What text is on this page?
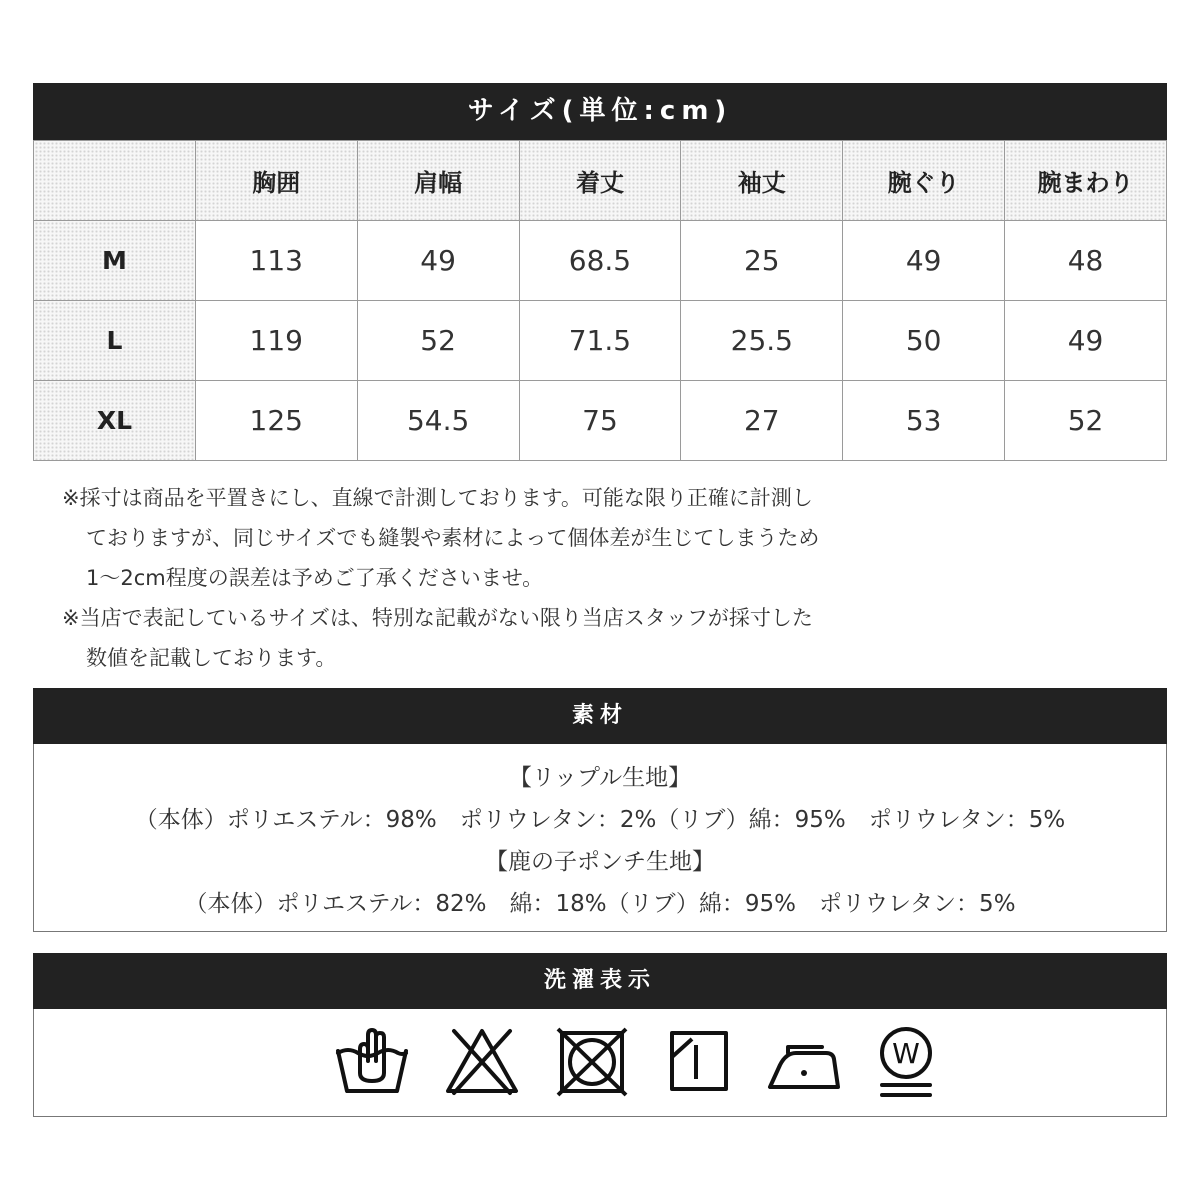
サイズ(単位:cm)
	胸囲	肩幅	着丈	袖丈	腕ぐり	腕まわり
M	113	49	68.5	25	49	48
L	119	52	71.5	25.5	50	49
XL	125	54.5	75	27	53	52
※採寸は商品を平置きにし、直線で計測しております。可能な限り正確に計測し
ておりますが、同じサイズでも縫製や素材によって個体差が生じてしまうため
1〜2cm程度の誤差は予めご了承くださいませ。
※当店で表記しているサイズは、特別な記載がない限り当店スタッフが採寸した
数値を記載しております。
素材
【リップル生地】
（本体）ポリエステル：98%　ポリウレタン：2%（リブ）綿：95%　ポリウレタン：5%
【鹿の子ポンチ生地】
（本体）ポリエステル：82%　綿：18%（リブ）綿：95%　ポリウレタン：5%
洗濯表示
W
